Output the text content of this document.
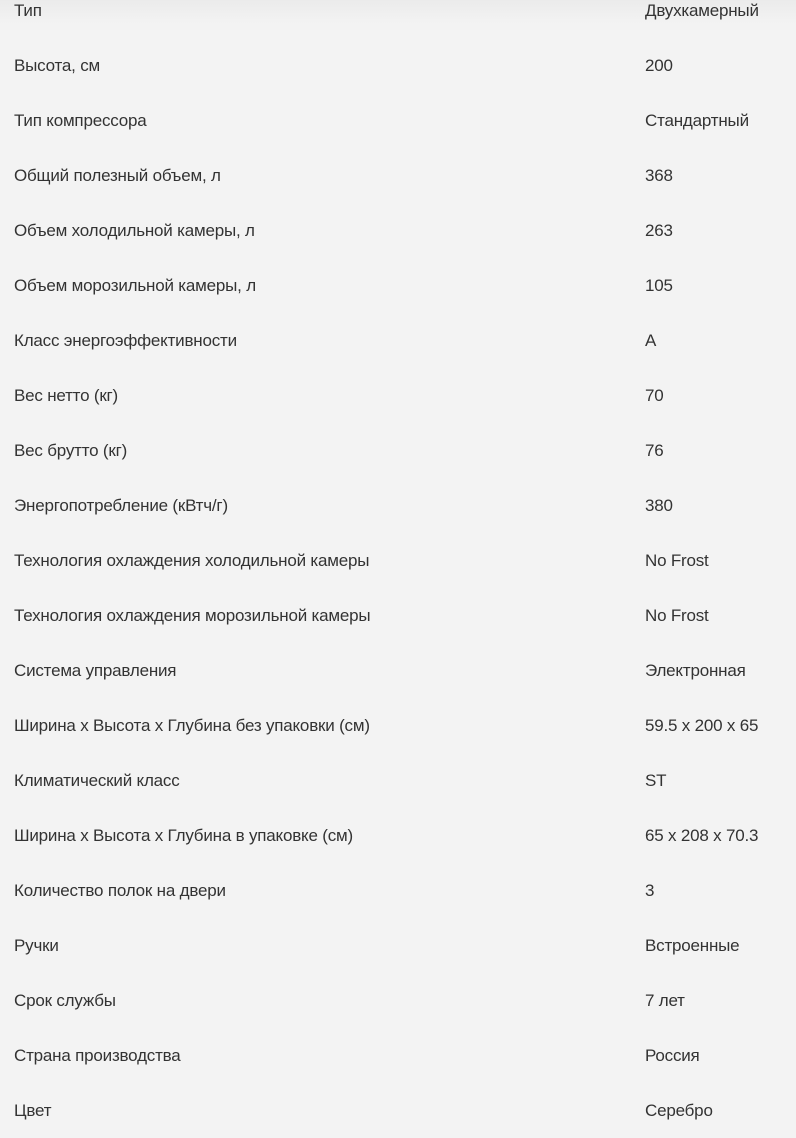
Тип	Двухкамерный
Высота, см	200
Тип компрессора	Стандартный
Общий полезный объем, л	368
Объем холодильной камеры, л	263
Объем морозильной камеры, л	105
Класс энергоэффективности	A
Вес нетто (кг)	70
Вес брутто (кг)	76
Энергопотребление (кВтч/г)	380
Технология охлаждения холодильной камеры	No Frost
Технология охлаждения морозильной камеры	No Frost
Система управления	Электронная
Ширина x Высота x Глубина без упаковки (см)	59.5 x 200 x 65
Климатический класс	ST
Ширина x Высота x Глубина в упаковке (см)	65 x 208 x 70.3
Количество полок на двери	3
Ручки	Встроенные
Срок службы	7 лет
Страна производства	Россия
Цвет	Серебро
